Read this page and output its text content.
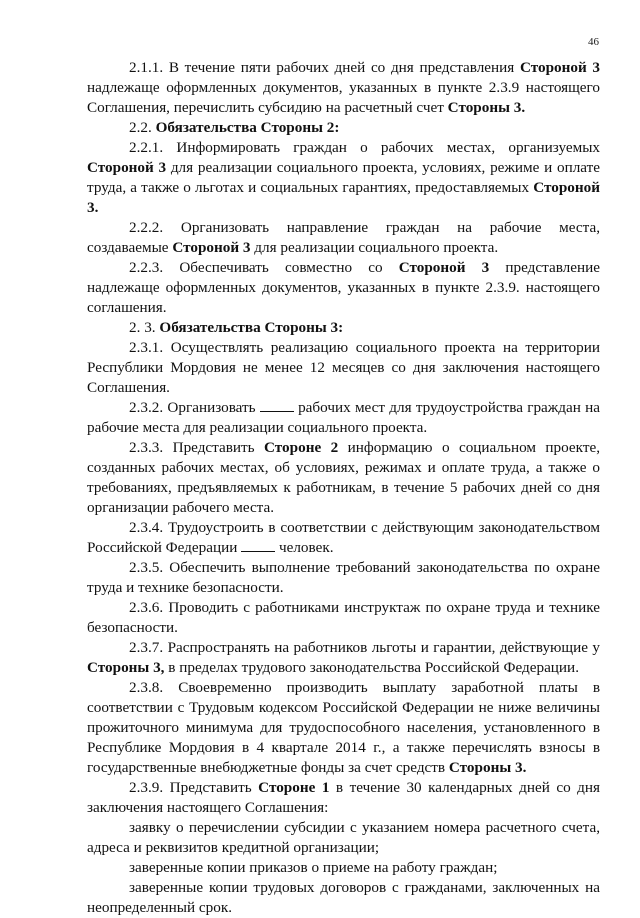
46

2.1.1. В течение пяти рабочих дней со дня представления Стороной 3 надлежаще оформленных документов, указанных в пункте 2.3.9 настоящего Соглашения, перечислить субсидию на расчетный счет Стороны 3.

2.2. Обязательства Стороны 2:

2.2.1. Информировать граждан о рабочих местах, организуемых Стороной 3 для реализации социального проекта, условиях, режиме и оплате труда, а также о льготах и социальных гарантиях, предоставляемых Стороной 3.

2.2.2. Организовать направление граждан на рабочие места, создаваемые Стороной 3 для реализации социального проекта.

2.2.3. Обеспечивать совместно со Стороной 3 представление надлежаще оформленных документов, указанных в пункте 2.3.9. настоящего соглашения.

2. 3. Обязательства Стороны 3:

2.3.1. Осуществлять реализацию социального проекта на территории Республики Мордовия не менее 12 месяцев со дня заключения настоящего Соглашения.

2.3.2. Организовать  рабочих мест для трудоустройства граждан на рабочие места для реализации социального проекта.

2.3.3. Представить Стороне 2 информацию о социальном проекте, созданных рабочих местах, об условиях, режимах и оплате труда, а также о требованиях, предъявляемых к работникам, в течение 5 рабочих дней со дня организации рабочего места.

2.3.4. Трудоустроить в соответствии с действующим законодательством Российской Федерации  человек.

2.3.5. Обеспечить выполнение требований законодательства по охране труда и технике безопасности.

2.3.6. Проводить с работниками инструктаж по охране труда и технике безопасности.

2.3.7. Распространять на работников льготы и гарантии, действующие у Стороны 3, в пределах трудового законодательства Российской Федерации.

2.3.8. Своевременно производить выплату заработной платы в соответствии с Трудовым кодексом Российской Федерации не ниже величины прожиточного минимума для трудоспособного населения, установленного в Республике Мордовия в 4 квартале 2014 г., а также перечислять взносы в государственные внебюджетные фонды за счет средств Стороны 3.

2.3.9. Представить Стороне 1 в течение 30 календарных дней со дня заключения настоящего Соглашения:

заявку о перечислении субсидии с указанием номера расчетного счета, адреса и реквизитов кредитной организации;

заверенные копии приказов о приеме на работу граждан;

заверенные копии трудовых договоров с гражданами, заключенных на неопределенный срок.
